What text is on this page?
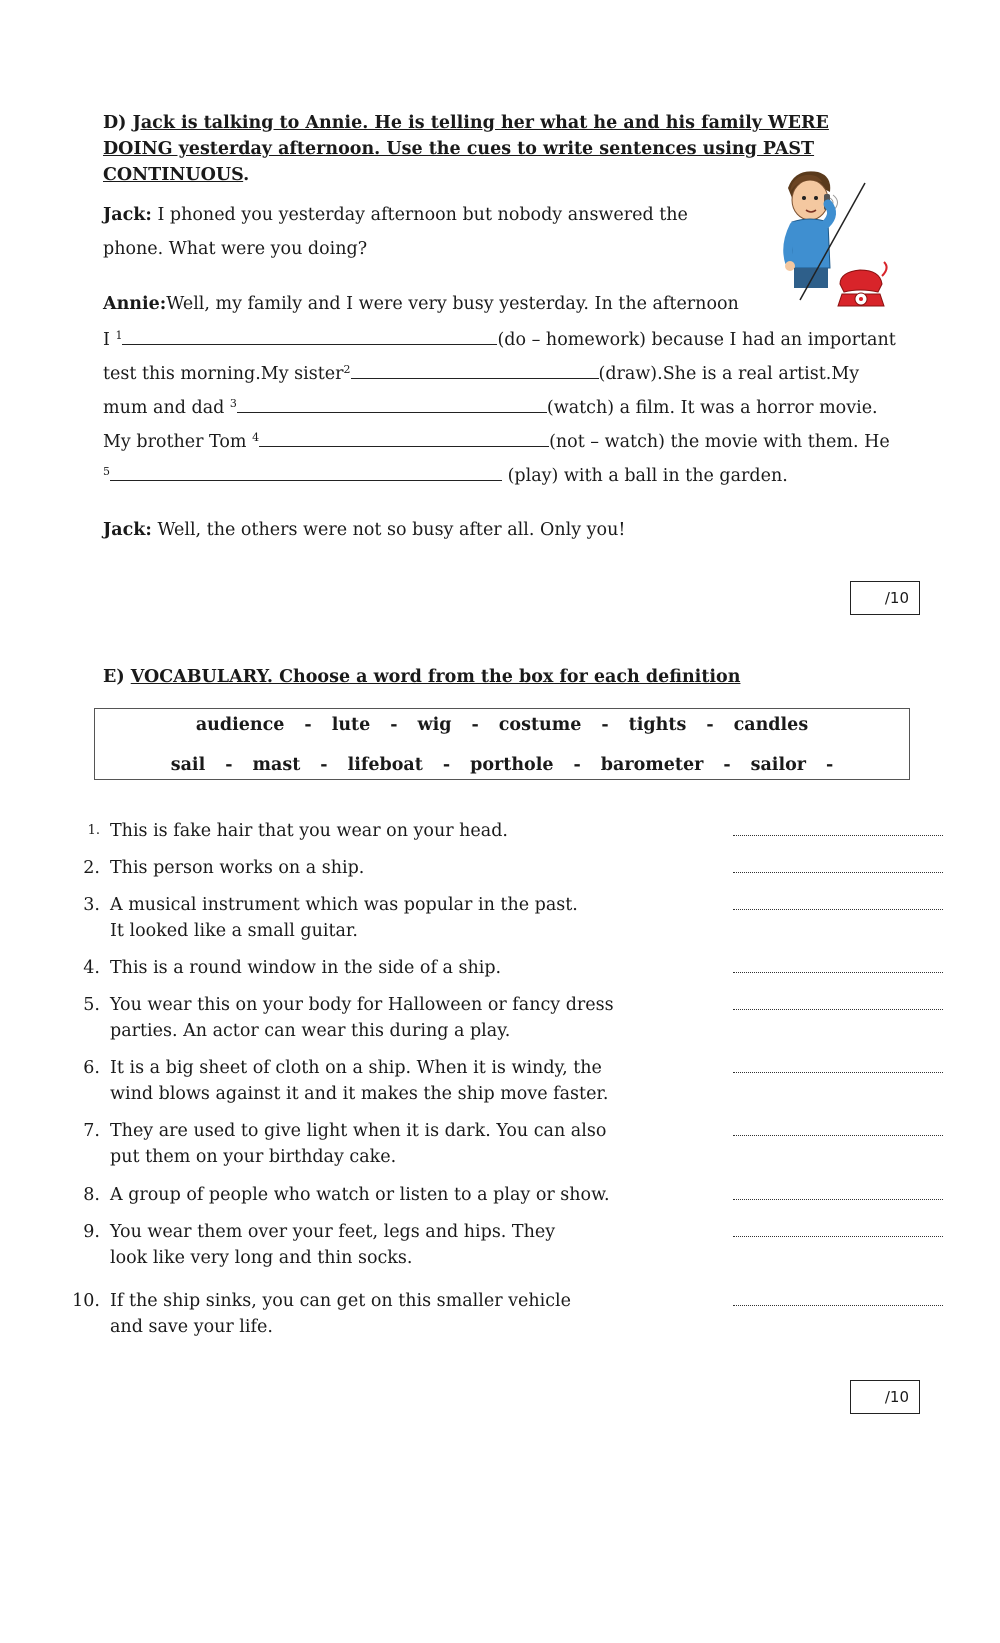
D) Jack is talking to Annie. He is telling her what he and his family WERE
DOING yesterday afternoon. Use the cues to write sentences using PAST
CONTINUOUS.
Jack: I phoned you yesterday afternoon but nobody answered the
phone. What were you doing?
Annie:Well, my family and I were very busy yesterday. In the afternoon
I $^1$	(do – homework) because I had an important
test this morning.My sister$^2$	(draw).She is a real artist.My
mum and dad $^3$	(watch) a film. It was a horror movie.
My brother Tom $^4$	(not – watch) the movie with them. He
$^5$	(play) with a ball in the garden.
Jack: Well, the others were not so busy after all. Only you!
/10
E) VOCABULARY. Choose a word from the box for each definition
audience - lute - wig - costume - tights - candles
sail - mast - lifeboat - porthole - barometer - sailor -
1. This is fake hair that you wear on your head.
2. This person works on a ship.
3. A musical instrument which was popular in the past.
It looked like a small guitar.
4. This is a round window in the side of a ship.
5. You wear this on your body for Halloween or fancy dress
parties. An actor can wear this during a play.
6. It is a big sheet of cloth on a ship. When it is windy, the
wind blows against it and it makes the ship move faster.
7. They are used to give light when it is dark. You can also
put them on your birthday cake.
8. A group of people who watch or listen to a play or show.
9. You wear them over your feet, legs and hips. They
look like very long and thin socks.
10. If the ship sinks, you can get on this smaller vehicle
and save your life.
/10
